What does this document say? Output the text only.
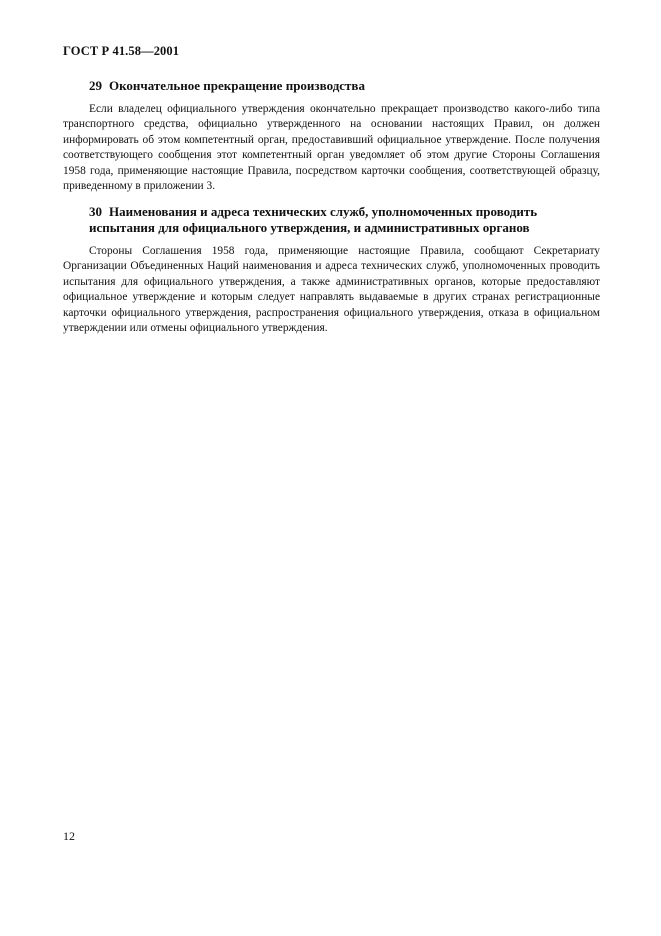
ГОСТ Р 41.58—2001
29 Окончательное прекращение производства

Если владелец официального утверждения окончательно прекращает производство какого-либо типа транспортного средства, официально утвержденного на основании настоящих Правил, он должен информировать об этом компетентный орган, предоставивший официальное утверждение. После получения соответствующего сообщения этот компетентный орган уведомляет об этом другие Стороны Соглашения 1958 года, применяющие настоящие Правила, посредством карточки сообщения, соответствующей образцу, приведенному в приложении 3.

30 Наименования и адреса технических служб, уполномоченных проводить
испытания для официального утверждения, и административных органов

Стороны Соглашения 1958 года, применяющие настоящие Правила, сообщают Секретариату Организации Объединенных Наций наименования и адреса технических служб, уполномоченных проводить испытания для официального утверждения, а также административных органов, которые предоставляют официальное утверждение и которым следует направлять выдаваемые в других странах регистрационные карточки официального утверждения, распространения официального утверждения, отказа в официальном утверждении или отмены официального утверждения.

12
